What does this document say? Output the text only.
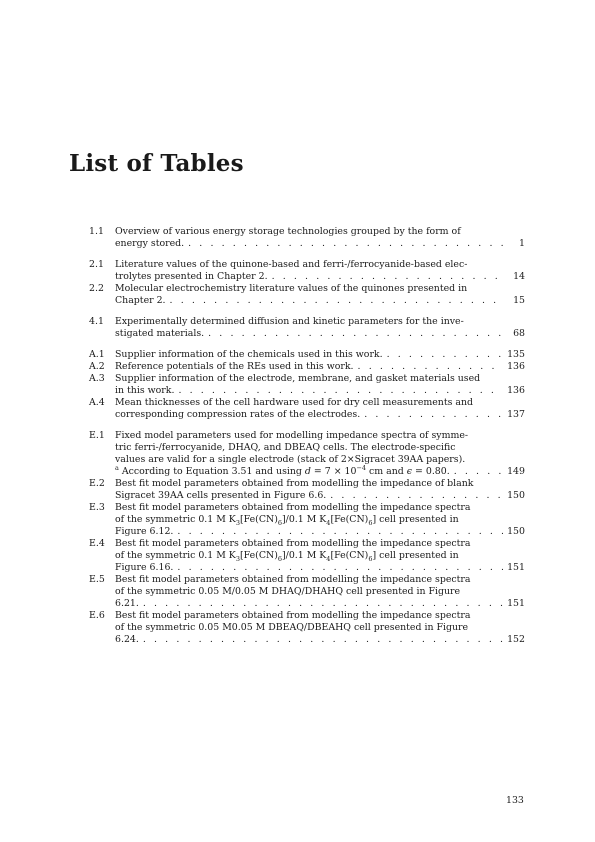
List of Tables
1.1	Overview of various energy storage technologies grouped by the form of
energy stored. . . .	1
2.1	Literature values of the quinone-based and ferri-/ferrocyanide-based elec-
trolytes presented in Chapter 2. . . .	14
2.2	Molecular electrochemistry literature values of the quinones presented in
Chapter 2. . . .	15
4.1	Experimentally determined diffusion and kinetic parameters for the inve-
stigated materials. . . .	68
A.1	Supplier information of the chemicals used in this work. . . .	135
A.2	Reference potentials of the REs used in this work. . . .	136
A.3	Supplier information of the electrode, membrane, and gasket materials used
in this work. . . .	136
A.4	Mean thicknesses of the cell hardware used for dry cell measurements and
corresponding compression rates of the electrodes. . . .	137
E.1	Fixed model parameters used for modelling impedance spectra of symme-
tric ferri-/ferrocyanide, DHAQ, and DBEAQ cells. The electrode-specific
values are valid for a single electrode (stack of 2×Sigracet 39AA papers).
$^a$ According to Equation 3.51 and using $d = 7 \times 10^{-4}$ cm and ϵ = 0.80. . . .	149
E.2	Best fit model parameters obtained from modelling the impedance of blank
Sigracet 39AA cells presented in Figure 6.6. . . .	150
E.3	Best fit model parameters obtained from modelling the impedance spectra
of the symmetric 0.1 M $K_3[Fe(CN)_6]/0.1$ M $K_4[Fe(CN)_6]$ cell presented in
Figure 6.12. . . .	150
E.4	Best fit model parameters obtained from modelling the impedance spectra
of the symmetric 0.1 M $K_3[Fe(CN)_6]/0.1$ M $K_4[Fe(CN)_6]$ cell presented in
Figure 6.16. . . .	151
E.5	Best fit model parameters obtained from modelling the impedance spectra
of the symmetric 0.05 M/0.05 M DHAQ/DHAHQ cell presented in Figure
6.21. . . .	151
E.6	Best fit model parameters obtained from modelling the impedance spectra
of the symmetric 0.05 M0.05 M DBEAQ/DBEAHQ cell presented in Figure
6.24. . . .	152
133
